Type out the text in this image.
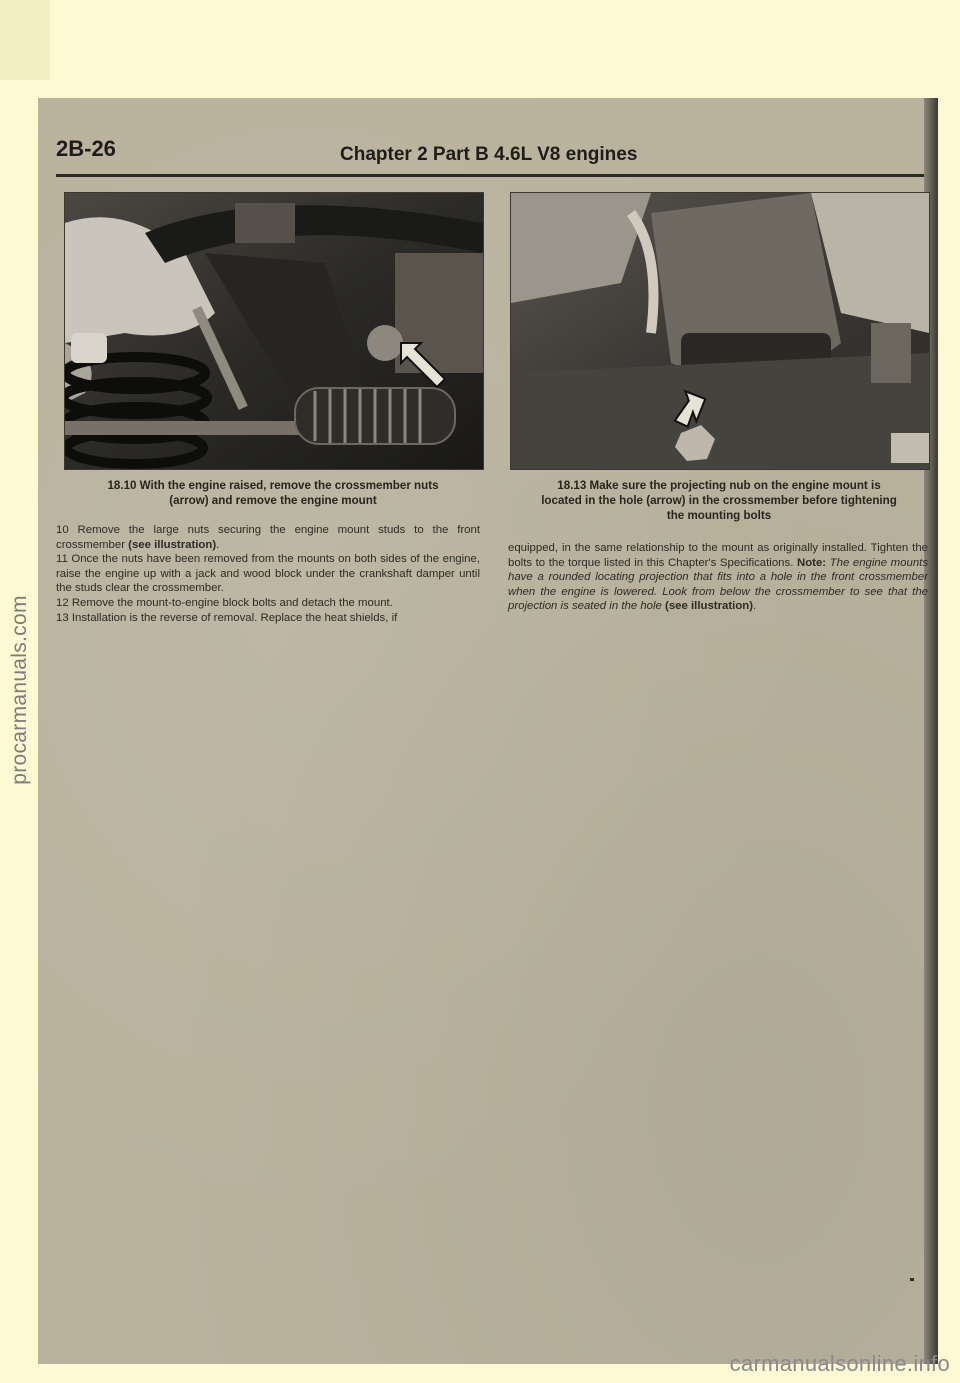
procarmanuals.com
2B-26	Chapter 2 Part B 4.6L V8 engines
18.10 With the engine raised, remove the crossmember nuts
(arrow) and remove the engine mount
18.13 Make sure the projecting nub on the engine mount is
located in the hole (arrow) in the crossmember before tightening
the mounting bolts

10 Remove the large nuts securing the engine mount studs to the front crossmember (see illustration).

11 Once the nuts have been removed from the mounts on both sides of the engine, raise the engine up with a jack and wood block under the crankshaft damper until the studs clear the crossmember.

12 Remove the mount-to-engine block bolts and detach the mount.

13 Installation is the reverse of removal. Replace the heat shields, if

equipped, in the same relationship to the mount as originally installed. Tighten the bolts to the torque listed in this Chapter's Specifications. Note: The engine mounts have a rounded locating projection that fits into a hole in the front crossmember when the engine is lowered. Look from below the crossmember to see that the projection is seated in the hole (see illustration).

carmanualsonline.info
